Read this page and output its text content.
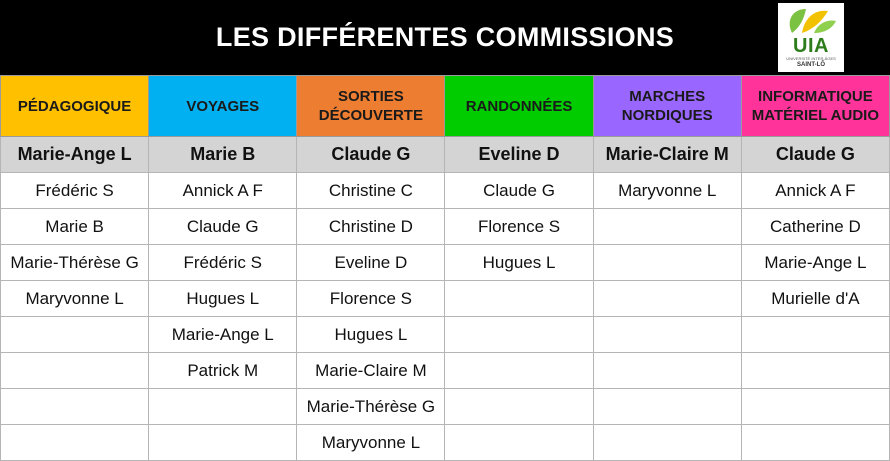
LES DIFFÉRENTES COMMISSIONS	UIA
UNIVERSITÉ INTER-ÂGES
SAINT-LÔ
PÉDAGOGIQUE	VOYAGES	SORTIES DÉCOUVERTE	RANDONNÉES	MARCHES NORDIQUES	INFORMATIQUE MATÉRIEL AUDIO
Marie-Ange L	Marie B	Claude G	Eveline D	Marie-Claire M	Claude G
Frédéric S	Annick A F	Christine C	Claude G	Maryvonne L	Annick A F
Marie B	Claude G	Christine D	Florence S		Catherine D
Marie-Thérèse G	Frédéric S	Eveline D	Hugues L		Marie-Ange L
Maryvonne L	Hugues L	Florence S			Murielle d'A
	Marie-Ange L	Hugues L			
	Patrick M	Marie-Claire M			
		Marie-Thérèse G			
		Maryvonne L			
